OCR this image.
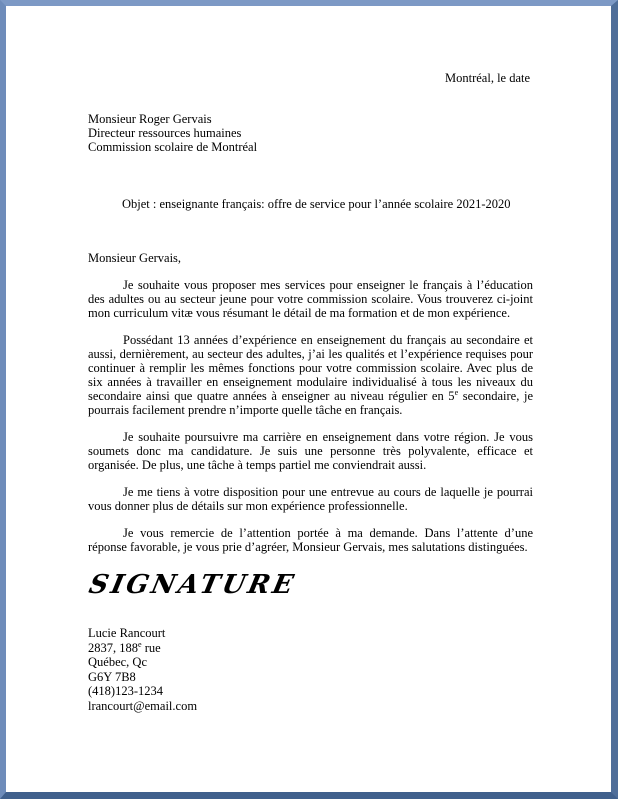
Montréal, le date
Monsieur Roger Gervais
Directeur ressources humaines
Commission scolaire de Montréal
Objet : enseignante français: offre de service pour l’année scolaire 2021-2020
Monsieur Gervais,

Je souhaite vous proposer mes services pour enseigner le français à l’éducation des adultes ou au secteur jeune pour votre commission scolaire. Vous trouverez ci-joint mon curriculum vitæ vous résumant le détail de ma formation et de mon expérience.

Possédant 13 années d’expérience en enseignement du français au secondaire et aussi, dernièrement, au secteur des adultes, j’ai les qualités et l’expérience requises pour continuer à remplir les mêmes fonctions pour votre commission scolaire. Avec plus de six années à travailler en enseignement modulaire individualisé à tous les niveaux du secondaire ainsi que quatre années à enseigner au niveau régulier en 5e secondaire, je pourrais facilement prendre n’importe quelle tâche en français.

Je souhaite poursuivre ma carrière en enseignement dans votre région. Je vous soumets donc ma candidature. Je suis une personne très polyvalente, efficace et organisée. De plus, une tâche à temps partiel me conviendrait aussi.

Je me tiens à votre disposition pour une entrevue au cours de laquelle je pourrai vous donner plus de détails sur mon expérience professionnelle.

Je vous remercie de l’attention portée à ma demande. Dans l’attente d’une réponse favorable, je vous prie d’agréer, Monsieur Gervais, mes salutations distinguées.

SIGNATURE
Lucie Rancourt
2837, 188e rue
Québec, Qc
G6Y 7B8
(418)123-1234
lrancourt@email.com
